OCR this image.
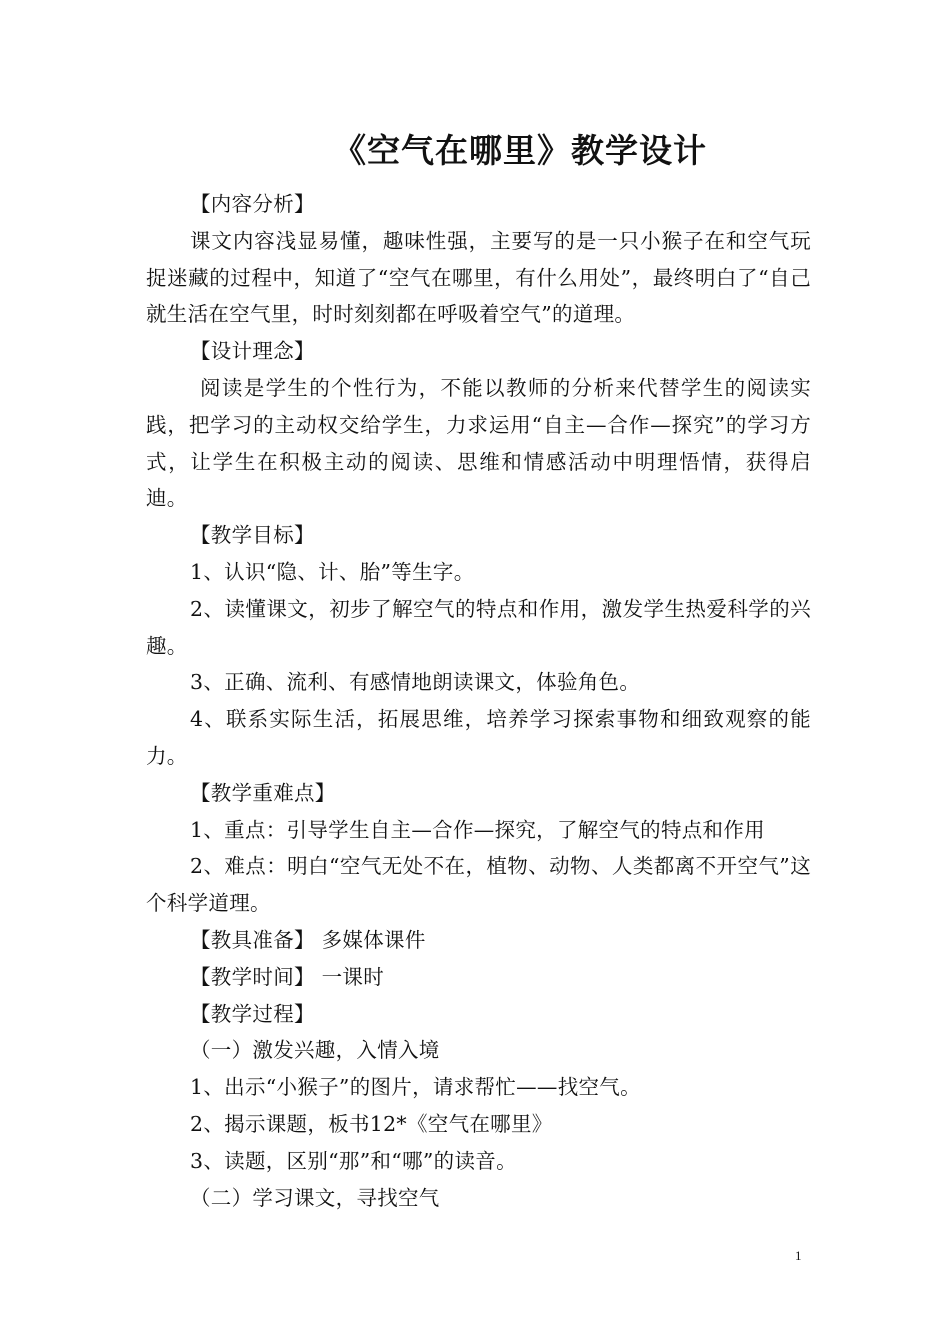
《空气在哪里》教学设计

【内容分析】

课文内容浅显易懂，趣味性强，主要写的是一只小猴子在和空气玩捉迷藏的过程中，知道了“空气在哪里，有什么用处”，最终明白了“自己就生活在空气里，时时刻刻都在呼吸着空气”的道理。

【设计理念】

阅读是学生的个性行为，不能以教师的分析来代替学生的阅读实践，把学习的主动权交给学生，力求运用“自主—合作—探究”的学习方式，让学生在积极主动的阅读、思维和情感活动中明理悟情，获得启迪。

【教学目标】

1、认识“隐、计、胎”等生字。

2、读懂课文，初步了解空气的特点和作用，激发学生热爱科学的兴趣。

3、正确、流利、有感情地朗读课文，体验角色。

4、联系实际生活，拓展思维，培养学习探索事物和细致观察的能力。

【教学重难点】

1、重点：引导学生自主—合作—探究，了解空气的特点和作用

2、难点：明白“空气无处不在，植物、动物、人类都离不开空气”这个科学道理。

【教具准备】 多媒体课件

【教学时间】 一课时

【教学过程】

（一）激发兴趣，入情入境

1、出示“小猴子”的图片，请求帮忙——找空气。

2、揭示课题，板书12*《空气在哪里》

3、读题，区别“那”和“哪”的读音。

（二）学习课文，寻找空气

1
